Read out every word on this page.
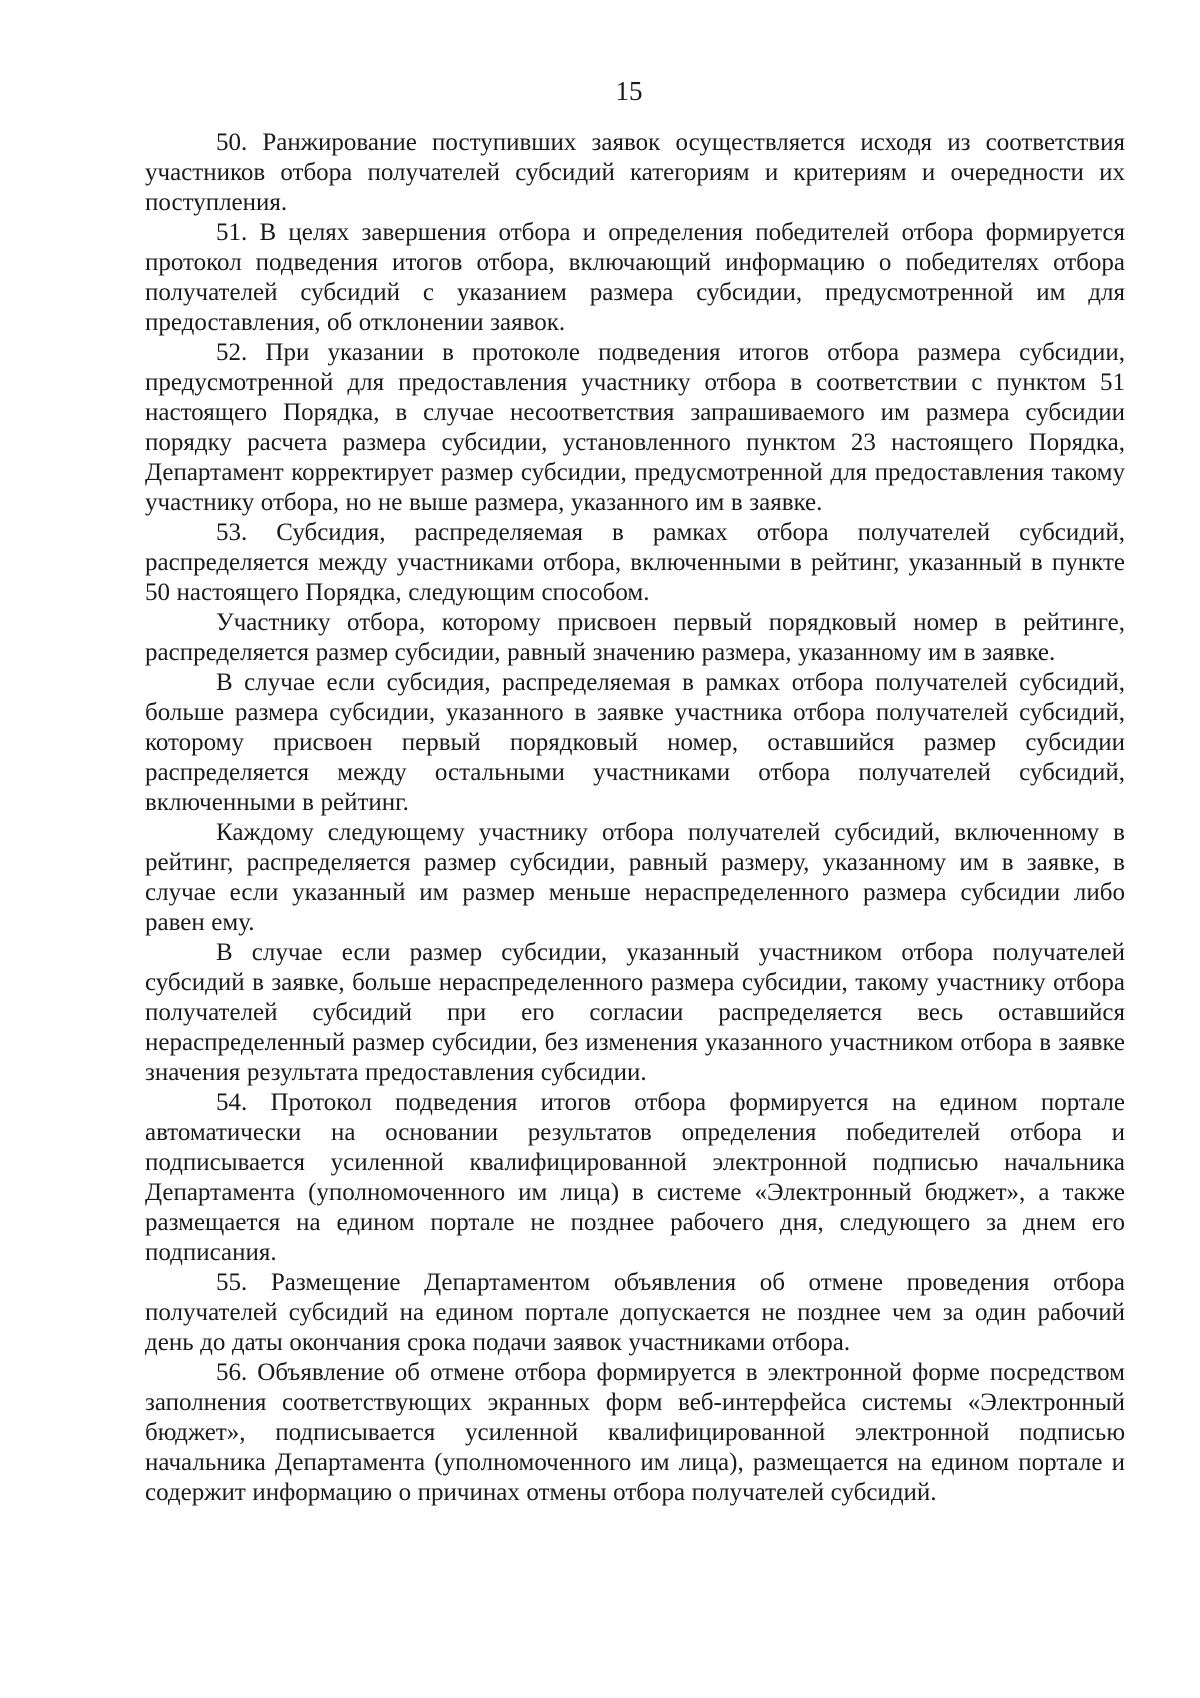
15

50. Ранжирование поступивших заявок осуществляется исходя из соответствия участников отбора получателей субсидий категориям и критериям и очередности их поступления.

51. В целях завершения отбора и определения победителей отбора формируется протокол подведения итогов отбора, включающий информацию о победителях отбора получателей субсидий с указанием размера субсидии, предусмотренной им для предоставления, об отклонении заявок.

52. При указании в протоколе подведения итогов отбора размера субсидии, предусмотренной для предоставления участнику отбора в соответствии с пунктом 51 настоящего Порядка, в случае несоответствия запрашиваемого им размера субсидии порядку расчета размера субсидии, установленного пунктом 23 настоящего Порядка, Департамент корректирует размер субсидии, предусмотренной для предоставления такому участнику отбора, но не выше размера, указанного им в заявке.

53. Субсидия, распределяемая в рамках отбора получателей субсидий, распределяется между участниками отбора, включенными в рейтинг, указанный в пункте 50 настоящего Порядка, следующим способом.

Участнику отбора, которому присвоен первый порядковый номер в рейтинге, распределяется размер субсидии, равный значению размера, указанному им в заявке.

В случае если субсидия, распределяемая в рамках отбора получателей субсидий, больше размера субсидии, указанного в заявке участника отбора получателей субсидий, которому присвоен первый порядковый номер, оставшийся размер субсидии распределяется между остальными участниками отбора получателей субсидий, включенными в рейтинг.

Каждому следующему участнику отбора получателей субсидий, включенному в рейтинг, распределяется размер субсидии, равный размеру, указанному им в заявке, в случае если указанный им размер меньше нераспределенного размера субсидии либо равен ему.

В случае если размер субсидии, указанный участником отбора получателей субсидий в заявке, больше нераспределенного размера субсидии, такому участнику отбора получателей субсидий при его согласии распределяется весь оставшийся нераспределенный размер субсидии, без изменения указанного участником отбора в заявке значения результата предоставления субсидии.

54. Протокол подведения итогов отбора формируется на едином портале автоматически на основании результатов определения победителей отбора и подписывается усиленной квалифицированной электронной подписью начальника Департамента (уполномоченного им лица) в системе «Электронный бюджет», а также размещается на едином портале не позднее рабочего дня, следующего за днем его подписания.

55. Размещение Департаментом объявления об отмене проведения отбора получателей субсидий на едином портале допускается не позднее чем за один рабочий день до даты окончания срока подачи заявок участниками отбора.

56. Объявление об отмене отбора формируется в электронной форме посредством заполнения соответствующих экранных форм веб-интерфейса системы «Электронный бюджет», подписывается усиленной квалифицированной электронной подписью начальника Департамента (уполномоченного им лица), размещается на едином портале и содержит информацию о причинах отмены отбора получателей субсидий.
